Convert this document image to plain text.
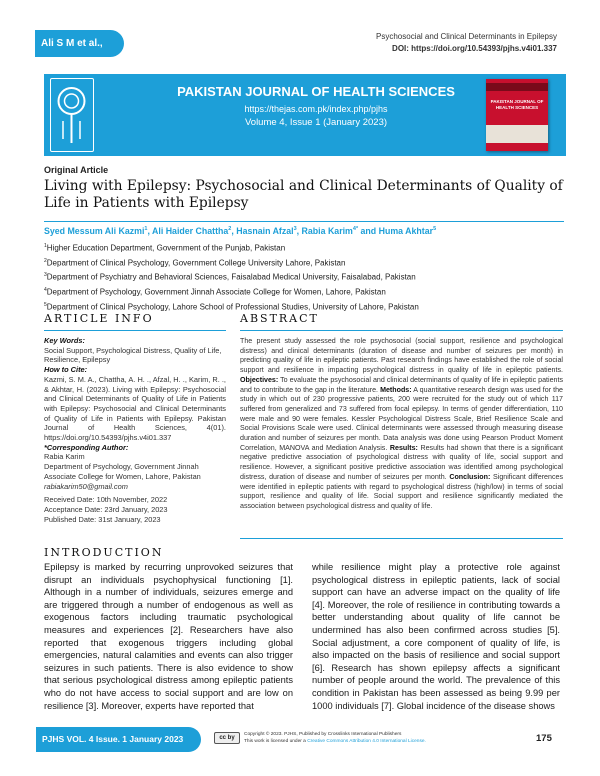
Ali S M et al.,
Psychosocial and Clinical Determinants in Epilepsy
DOI: https://doi.org/10.54393/pjhs.v4i01.337
PAKISTAN JOURNAL OF HEALTH SCIENCES
https://thejas.com.pk/index.php/pjhs
Volume 4, Issue 1 (January 2023)
PAKISTAN JOURNAL OF HEALTH SCIENCES
Original Article
Living with Epilepsy: Psychosocial and Clinical Determinants of Quality of Life in Patients with Epilepsy
Syed Messum Ali Kazmi$^1$, Ali Haider Chattha$^2$, Hasnain Afzal$^3$, Rabia Karim$^{4*}$ and Huma Akhtar$^5$
$^1$Higher Education Department, Government of the Punjab, Pakistan
$^2$Department of Clinical Psychology, Government College University Lahore, Pakistan
$^3$Department of Psychiatry and Behavioral Sciences, Faisalabad Medical University, Faisalabad, Pakistan
$^4$Department of Psychology, Government Jinnah Associate College for Women, Lahore, Pakistan
$^5$Department of Clinical Psychology, Lahore School of Professional Studies, University of Lahore, Pakistan
ARTICLE INFO	ABSTRACT
Key Words:
Social Support, Psychological Distress, Quality of Life, Resilience, Epilepsy
How to Cite:
Kazmi, S. M. A., Chattha, A. H. ., Afzal, H. ., Karim, R. ., & Akhtar, H. (2023). Living with Epilepsy: Psychosocial and Clinical Determinants of Quality of Life in Patients with Epilepsy: Psychosocial and Clinical Determinants of Quality of Life in Patients with Epilepsy. Pakistan Journal of Health Sciences, 4(01). https://doi.org/10.54393/pjhs.v4i01.337
*Corresponding Author:
Rabia Karim
Department of Psychology, Government Jinnah Associate College for Women, Lahore, Pakistan
rabiakarim50@gmail.com
Received Date: 10th November, 2022
Acceptance Date: 23rd January, 2023
Published Date: 31st January, 2023
The present study assessed the role psychosocial (social support, resilience and psychological distress) and clinical determinants (duration of disease and number of seizures per month) in predicting quality of life in epileptic patients. Past research findings have established the role of social support and resilience in impacting psychological distress in quality of life in epileptic patients. Objectives: To evaluate the psychosocial and clinical determinants of quality of life in epileptic patients and to contribute to the gap in the literature. Methods: A quantitative research design was used for the study in which out of 230 progressive patients, 200 were recruited for the study out of which 117 suffered from generalized and 73 suffered from focal epilepsy. In terms of gender differentiation, 110 were male and 90 were females. Kessler Psychological Distress Scale, Brief Resilience Scale and Social Provisions Scale were used. Clinical determinants were assessed through measuring disease duration and number of seizures per month. Data analysis was done using Pearson Product Moment Correlation, MANOVA and Mediation Analysis. Results: Results had shown that there is a significant negative predictive association of psychological distress with quality of life, social support and resilience. However, a significant positive predictive association was identified among psychological distress, duration of disease and number of seizures per month. Conclusion: Significant differences were identified in epileptic patients with regard to psychological distress (high/low) in terms of social support, resilience and quality of life. Social support and resilience significantly mediated the association between psychological distress and quality of life.
INTRODUCTION
Epilepsy is marked by recurring unprovoked seizures that disrupt an individuals psychophysical functioning [1]. Although in a number of individuals, seizures emerge and are triggered through a number of endogenous as well as exogenous factors including traumatic psychological measures and experiences [2]. Researchers have also reported that exogenous triggers including global emergencies, natural calamities and events can also trigger seizures in such patients. There is also evidence to show that serious psychological distress among epileptic patients who do not have access to social support and are low on resilience [3]. Moreover, experts have reported that
while resilience might play a protective role against psychological distress in epileptic patients, lack of social support can have an adverse impact on the quality of life [4]. Moreover, the role of resilience in contributing towards a better understanding about quality of life cannot be undermined has also been confirmed across studies [5]. Social adjustment, a core component of quality of life, is also impacted on the basis of resilience and social support [6]. Research has shown epilepsy affects a significant number of people around the world. The prevalence of this condition in Pakistan has been assessed as being 9.99 per 1000 individuals [7]. Global incidence of the disease shows
PJHS VOL. 4 Issue. 1 January 2023	cc by
Copyright © 2023. PJHS, Published by Crosslinks International Publishers
This work is licensed under a Creative Commons Attribution 4.0 International License.	175
